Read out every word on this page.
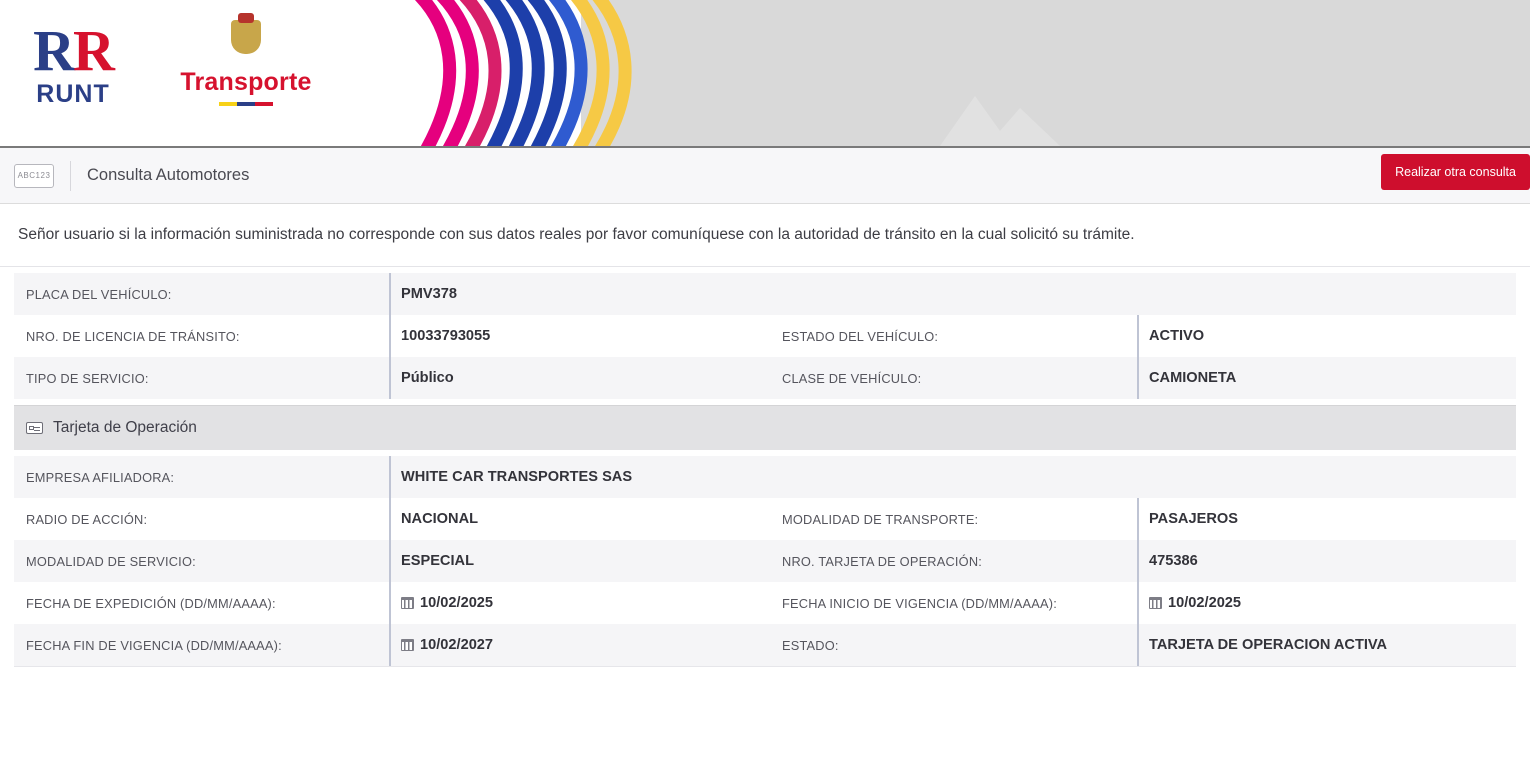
RR
RUNT	Transporte
ABC123 Consulta Automotores	Realizar otra consulta
Señor usuario si la información suministrada no corresponde con sus datos reales por favor comuníquese con la autoridad de tránsito en la cual solicitó su trámite.
PLACA DEL VEHÍCULO:	PMV378
NRO. DE LICENCIA DE TRÁNSITO:	10033793055	ESTADO DEL VEHÍCULO:	ACTIVO
TIPO DE SERVICIO:	Público	CLASE DE VEHÍCULO:	CAMIONETA
Tarjeta de Operación
EMPRESA AFILIADORA:	WHITE CAR TRANSPORTES SAS
RADIO DE ACCIÓN:	NACIONAL	MODALIDAD DE TRANSPORTE:	PASAJEROS
MODALIDAD DE SERVICIO:	ESPECIAL	NRO. TARJETA DE OPERACIÓN:	475386
FECHA DE EXPEDICIÓN (DD/MM/AAAA):	10/02/2025	FECHA INICIO DE VIGENCIA (DD/MM/AAAA):	10/02/2025
FECHA FIN DE VIGENCIA (DD/MM/AAAA):	10/02/2027	ESTADO:	TARJETA DE OPERACION ACTIVA
